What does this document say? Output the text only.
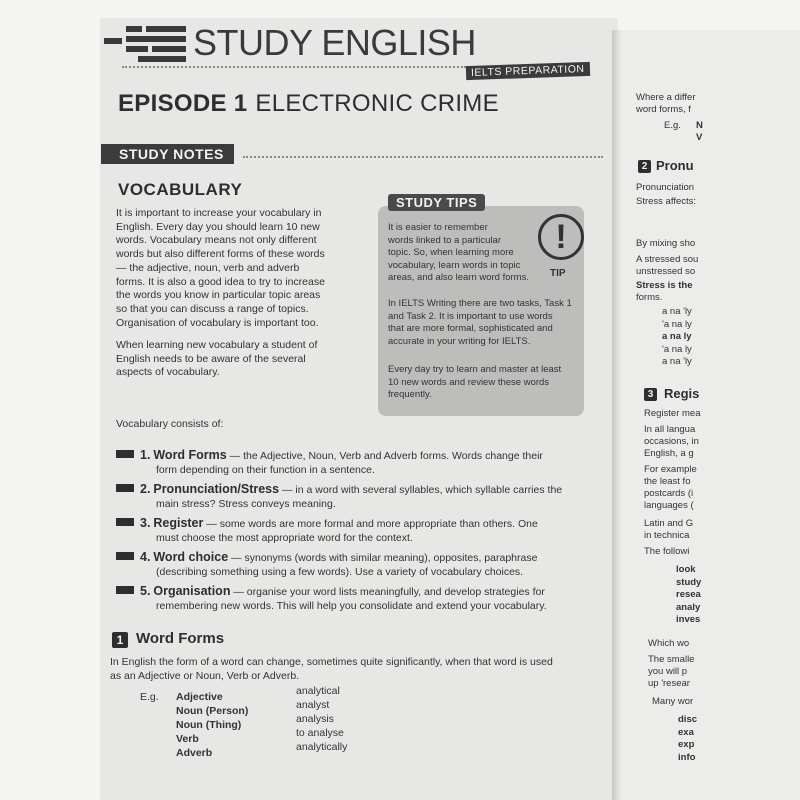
STUDY ENGLISH
IELTS PREPARATION
EPISODE 1 ELECTRONIC CRIME
STUDY NOTES
VOCABULARY
It is important to increase your vocabulary in
English. Every day you should learn 10 new
words. Vocabulary means not only different
words but also different forms of these words
— the adjective, noun, verb and adverb
forms. It is also a good idea to try to increase
the words you know in particular topic areas
so that you can discuss a range of topics.
Organisation of vocabulary is important too.
When learning new vocabulary a student of
English needs to be aware of the several
aspects of vocabulary.
STUDY TIPS
!
TIP
It is easier to remember
words linked to a particular
topic. So, when learning more
vocabulary, learn words in topic
areas, and also learn word forms.
In IELTS Writing there are two tasks, Task 1
and Task 2. It is important to use words
that are more formal, sophisticated and
accurate in your writing for IELTS.
Every day try to learn and master at least
10 new words and review these words
frequently.
Vocabulary consists of:
1. Word Forms — the Adjective, Noun, Verb and Adverb forms. Words change their
form depending on their function in a sentence.
2. Pronunciation/Stress — in a word with several syllables, which syllable carries the
main stress? Stress conveys meaning.
3. Register — some words are more formal and more appropriate than others. One
must choose the most appropriate word for the context.
4. Word choice — synonyms (words with similar meaning), opposites, paraphrase
(describing something using a few words). Use a variety of vocabulary choices.
5. Organisation — organise your word lists meaningfully, and develop strategies for
remembering new words. This will help you consolidate and extend your vocabulary.
1 Word Forms
In English the form of a word can change, sometimes quite significantly, when that word is used
as an Adjective or Noun, Verb or Adverb.
E.g. Adjective
Noun (Person)
Noun (Thing)
Verb
Adverb
analytical
analyst
analysis
to analyse
analytically
Where a differ
word forms, f
E.g. N
V
2 Pronu
Pronunciation
Stress affects:
By mixing sho
A stressed sou
unstressed so
Stress is the
forms.
a na 'ly
'a na ly
a na ly
'a na ly
a na 'ly
3 Regis
Register mea
In all langua
occasions, in
English, a g
For example
the least fo
postcards (i
languages (
Latin and G
in technica
The followi
look
study
resea
analy
inves
Which wo
The smalle
you will p
up 'resear
Many wor
disc
exa
exp
info
